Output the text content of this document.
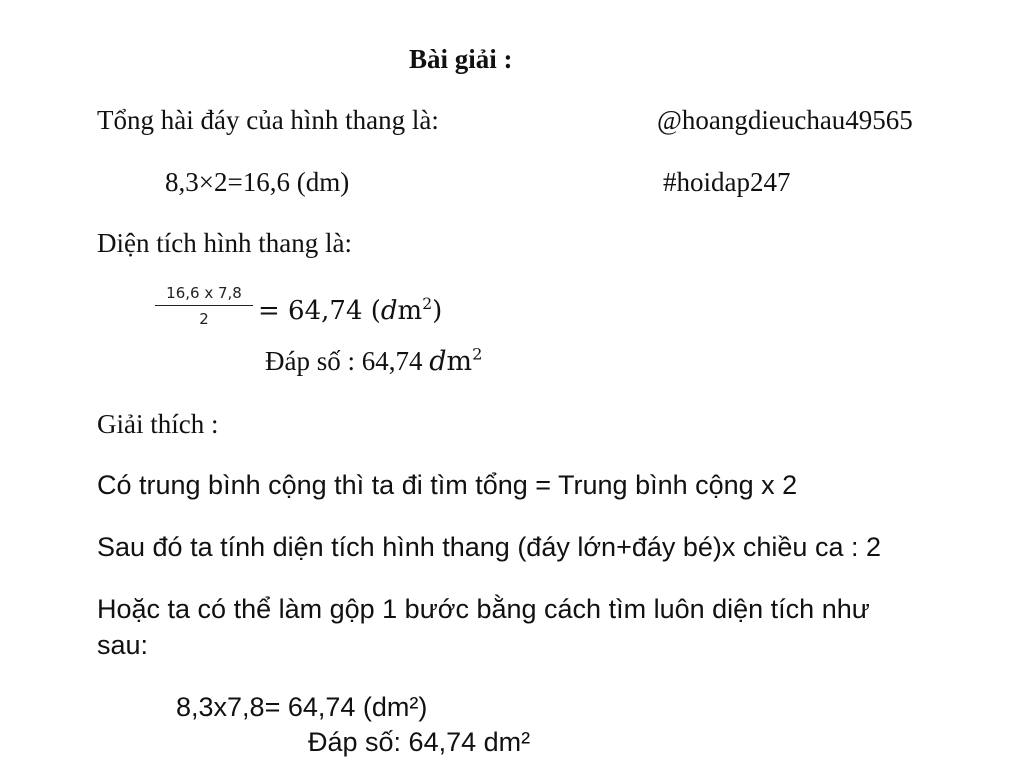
Bài giải :
Tổng hài đáy của hình thang là:	@hoangdieuchau49565
8,3×2=16,6 (dm)	#hoidap247
Diện tích hình thang là:
$\frac{16,6 x 7,8}{2} = 64,74$ $(dm^2)$
Đáp số : 64,74 $dm^2$
Giải thích :
Có trung bình cộng thì ta đi tìm tổng = Trung bình cộng x 2
Sau đó ta tính diện tích hình thang (đáy lớn+đáy bé)x chiều ca : 2
Hoặc ta có thể làm gộp 1 bước bằng cách tìm luôn diện tích như
sau:
8,3x7,8= 64,74 (dm²)
Đáp số: 64,74 dm²
